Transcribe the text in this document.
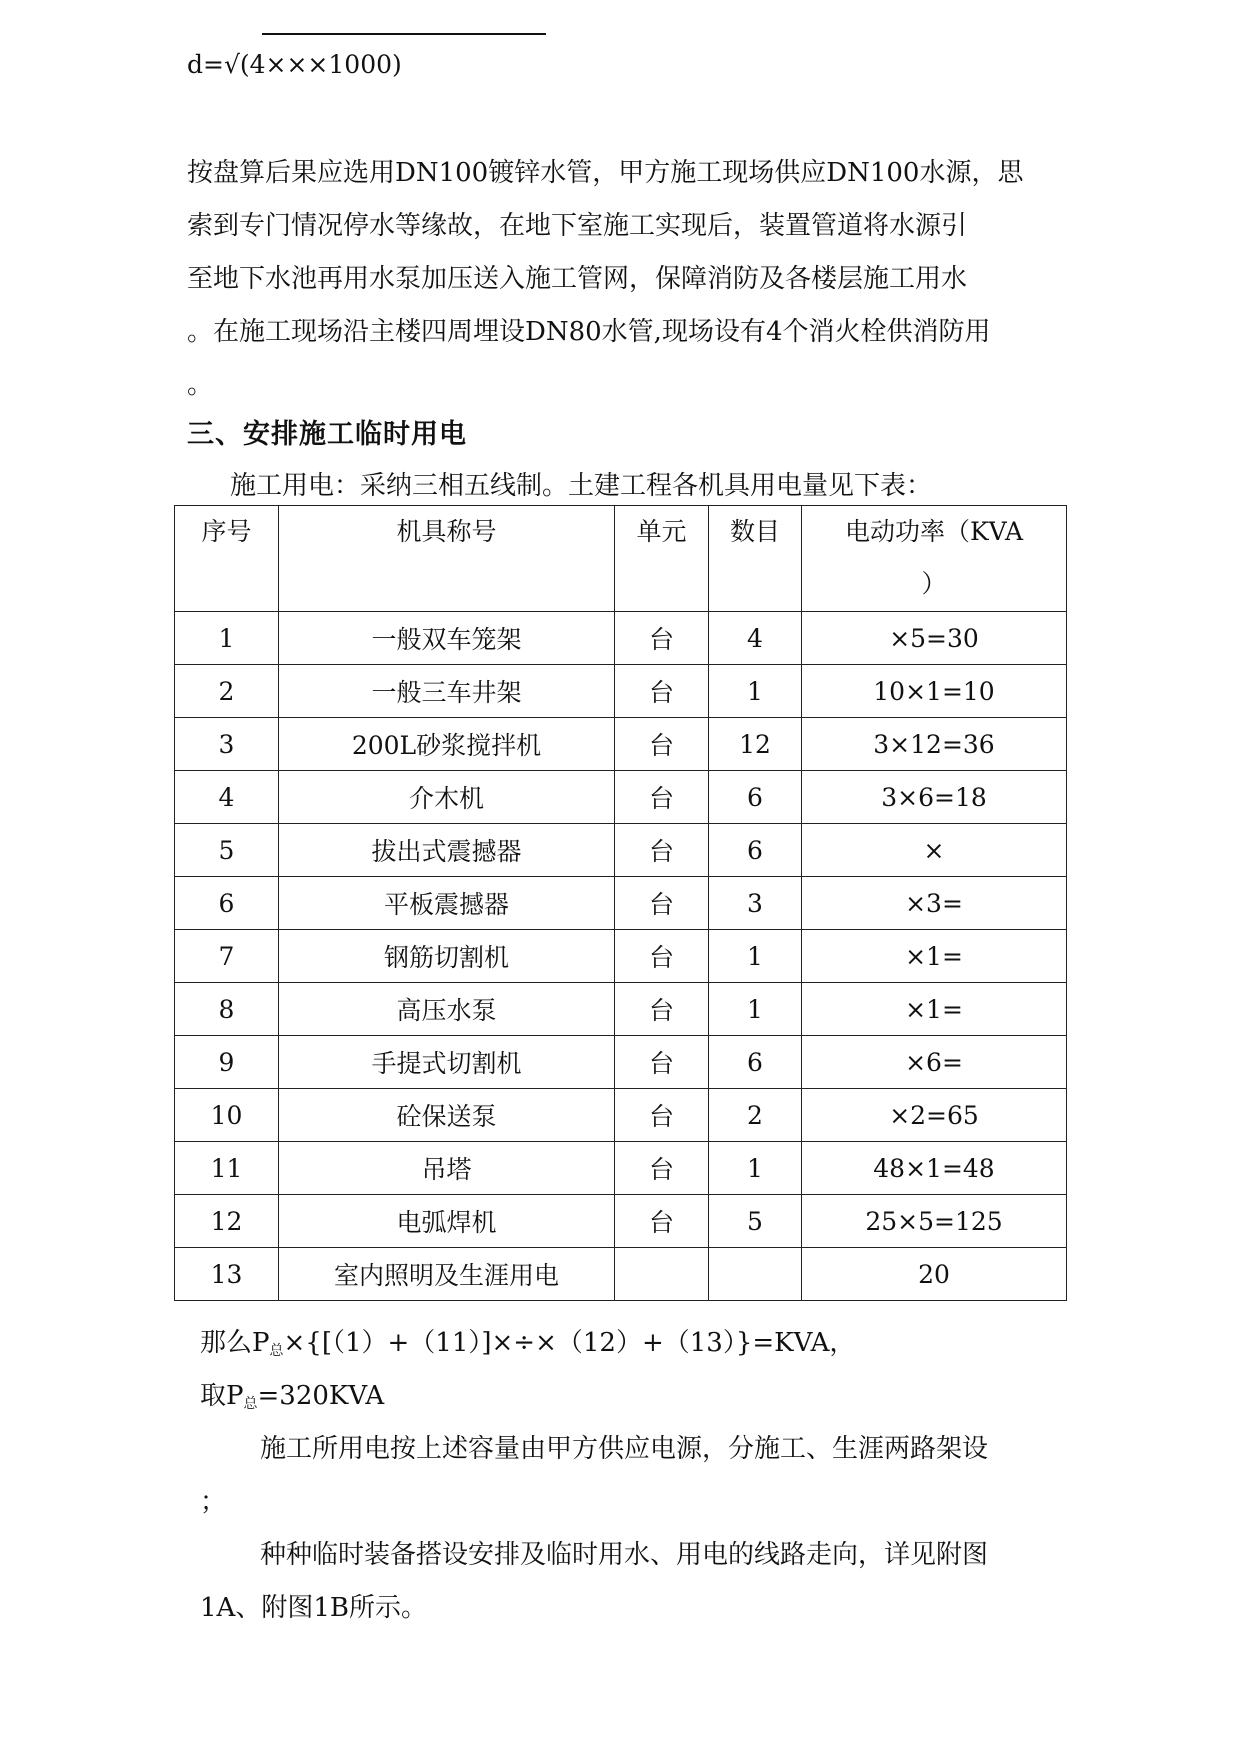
d=√(4×××1000)
按盘算后果应选用DN100镀锌水管，甲方施工现场供应DN100水源，思
索到专门情况停水等缘故，在地下室施工实现后，装置管道将水源引
至地下水池再用水泵加压送入施工管网，保障消防及各楼层施工用水
。在施工现场沿主楼四周埋设DN80水管,现场设有4个消火栓供消防用
。
三、安排施工临时用电
施工用电：采纳三相五线制。土建工程各机具用电量见下表：
序号	机具称号	单元	数目	电动功率（KVA
）
1	一般双车笼架	台	4	×5=30
2	一般三车井架	台	1	10×1=10
3	200L砂浆搅拌机	台	12	3×12=36
4	介木机	台	6	3×6=18
5	拔出式震撼器	台	6	×
6	平板震撼器	台	3	×3=
7	钢筋切割机	台	1	×1=
8	高压水泵	台	1	×1=
9	手提式切割机	台	6	×6=
10	砼保送泵	台	2	×2=65
11	吊塔	台	1	48×1=48
12	电弧焊机	台	5	25×5=125
13	室内照明及生涯用电			20
那么$P_总\times\{[(1)+(11)]\times\div\times(12)+(13)\}=KVA$，
取$P_总=320KVA$
施工所用电按上述容量由甲方供应电源，分施工、生涯两路架设
；
种种临时装备搭设安排及临时用水、用电的线路走向，详见附图
1A、附图1B所示。
